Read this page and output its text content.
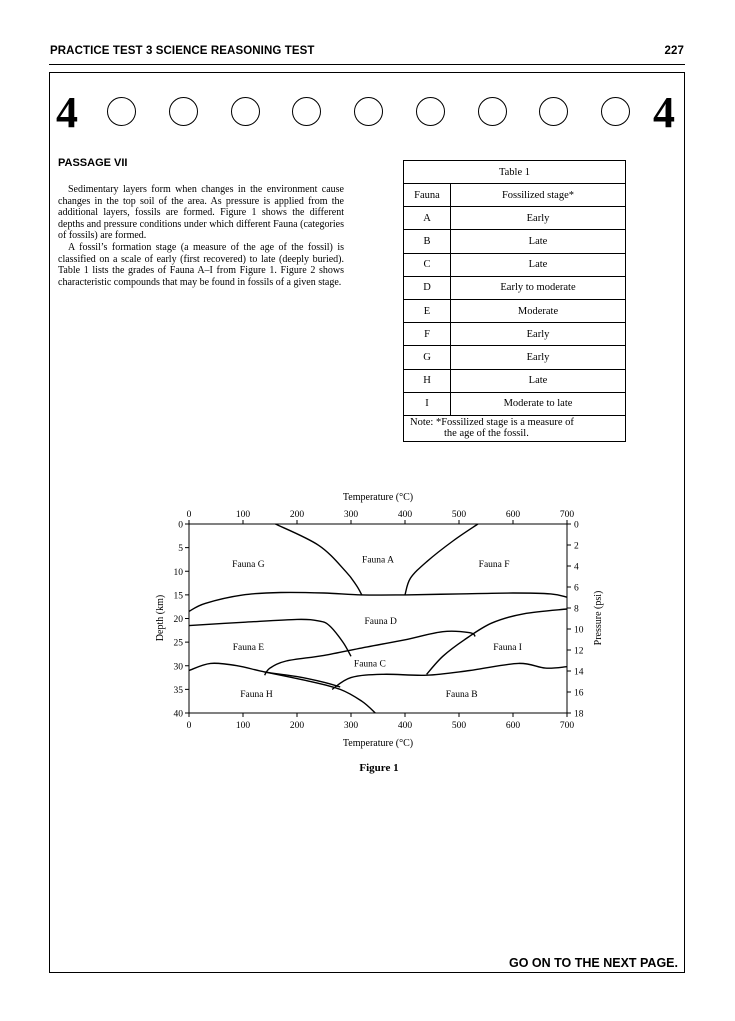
PRACTICE TEST 3 SCIENCE REASONING TEST	227
4	4
PASSAGE VII

Sedimentary layers form when changes in the environment cause changes in the top soil of the area. As pressure is applied from the additional layers, fossils are formed. Figure 1 shows the different depths and pressure conditions under which different Fauna (categories of fossils) are formed.

A fossil’s formation stage (a measure of the age of the fossil) is classified on a scale of early (first recovered) to late (deeply buried). Table 1 lists the grades of Fauna A–I from Figure 1. Figure 2 shows characteristic compounds that may be found in fossils of a given stage.

Table 1	
Fauna	Fossilized stage*
A	Early
B	Late
C	Late
D	Early to moderate
E	Moderate
F	Early
G	Early
H	Late
I	Moderate to late

Note: *Fossilized stage is a measure of
the age of the fossil.	
0
0
100
100
200
200
300
300
400
400
500
500
600
600
700
700
0
5
10
15
20
25
30
35
40
0
2
4
6
8
10
12
14
16
18
Fauna G	Fauna A	Fauna F
Fauna D
Fauna E	Fauna I
Fauna C
Fauna H	Fauna B
Temperature (°C)
Temperature (°C)
Depth (km)	Pressure (psi)
Figure 1
GO ON TO THE NEXT PAGE.
